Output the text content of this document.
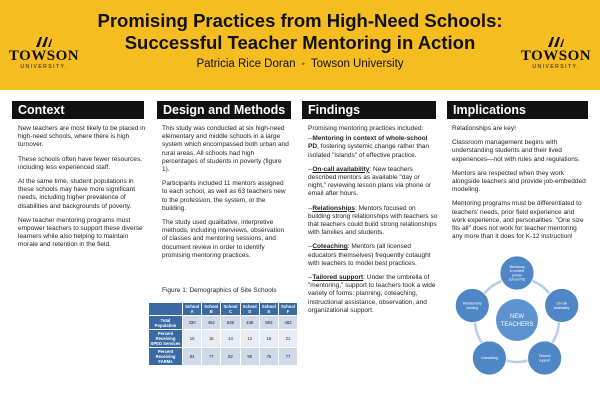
TOWSON
UNIVERSITY.
Promising Practices from High-Need Schools:
Successful Teacher Mentoring in Action
Patricia Rice Doran • Towson University	TOWSON
UNIVERSITY.
Context

New teachers are most likely to be placed in high-need schools, where there is high turnover.

These schools often have fewer resources, including less experienced staff.

At the same time, student populations in these schools may have more significant needs, including higher prevalence of disabilities and backgrounds of poverty.

New teacher mentoring programs must empower teachers to support these diverse learners while also helping to maintain morale and retention in the field.

Design and Methods

This study was conducted at six high-need elementary and middle schools in a large system which encompassed both urban and rural areas. All schools had high percentages of students in poverty (figure 1).

Participants included 11 mentors assigned to each school, as well as 63 teachers new to the profession, the system, or the building.

The study used qualitative, interpretive methods, including interviews, observation of classes and mentoring sessions, and document review in order to identify promising mentoring practices.

Figure 1: Demographics of Site Schools
	School A	School B	School C	School D	School E	School F
Total Population	330	452	549	448	803	463
Percent Receiving SPED Services	10	15	14	12	15	21
Percent Receiving FARMs	84	77	82	90	75	77
Findings

Promising mentoring practices included:

--Mentoring in context of whole-school PD, fostering systemic change rather than isolated "islands" of effective practice.

--On-call availability: New teachers described mentors as available "day or night," reviewing lesson plans via phone or email after hours.

--Relationships: Mentors focused on building strong relationships with teachers so that teachers could build strong relationships with families and students.

--Coteaching: Mentors (all licensed educators themselves) frequently cotaught with teachers to model best practices.

--Tailored support: Under the umbrella of "mentoring," support to teachers took a wide variety of forms: planning, coteaching, instructional assistance, observation, and organizational support.

Implications

Relationships are key!

Classroom management begins with understanding students and their lived experiences—not with rules and regulations.

Mentors are respected when they work alongside teachers and provide job-embedded modeling.

Mentoring programs must be differentiated to teachers' needs, prior field experience and work experience, and personalities. "One size fits all" does not work for teacher mentoring any more than it does for K-12 instruction!

Mentoring
in context
(whole
school PD)
On-call
availability
Tailored
support
Coteaching
Relationship
building
NEW
TEACHERS
